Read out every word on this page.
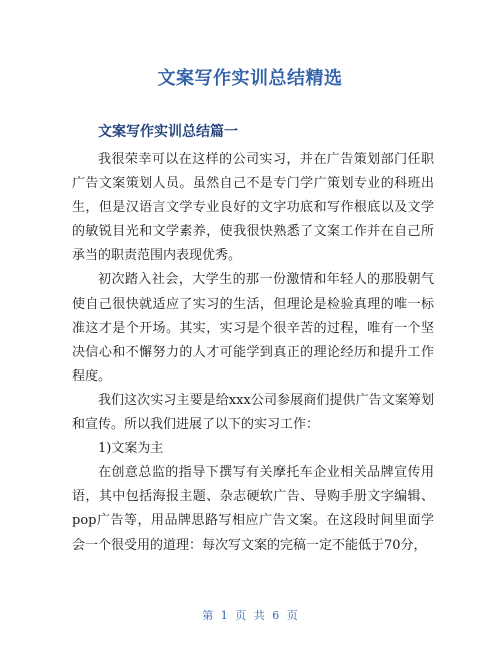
文案写作实训总结精选
文案写作实训总结篇一

我很荣幸可以在这样的公司实习，并在广告策划部门任职广告文案策划人员。虽然自己不是专门学广策划专业的科班出生，但是汉语言文学专业良好的文字功底和写作根底以及文学的敏锐目光和文学素养，使我很快熟悉了文案工作并在自己所承当的职责范围内表现优秀。

初次踏入社会，大学生的那一份激情和年轻人的那股朝气使自己很快就适应了实习的生活，但理论是检验真理的唯一标准这才是个开场。其实，实习是个很辛苦的过程，唯有一个坚决信心和不懈努力的人才可能学到真正的理论经历和提升工作程度。

我们这次实习主要是给xxx公司参展商们提供广告文案筹划和宣传。所以我们进展了以下的实习工作：

1)文案为主

在创意总监的指导下撰写有关摩托车企业相关品牌宣传用语，其中包括海报主题、杂志硬软广告、导购手册文字编辑、pop广告等，用品牌思路写相应广告文案。在这段时间里面学会一个很受用的道理：每次写文案的完稿一定不能低于70分，

第 1 页 共 6 页
